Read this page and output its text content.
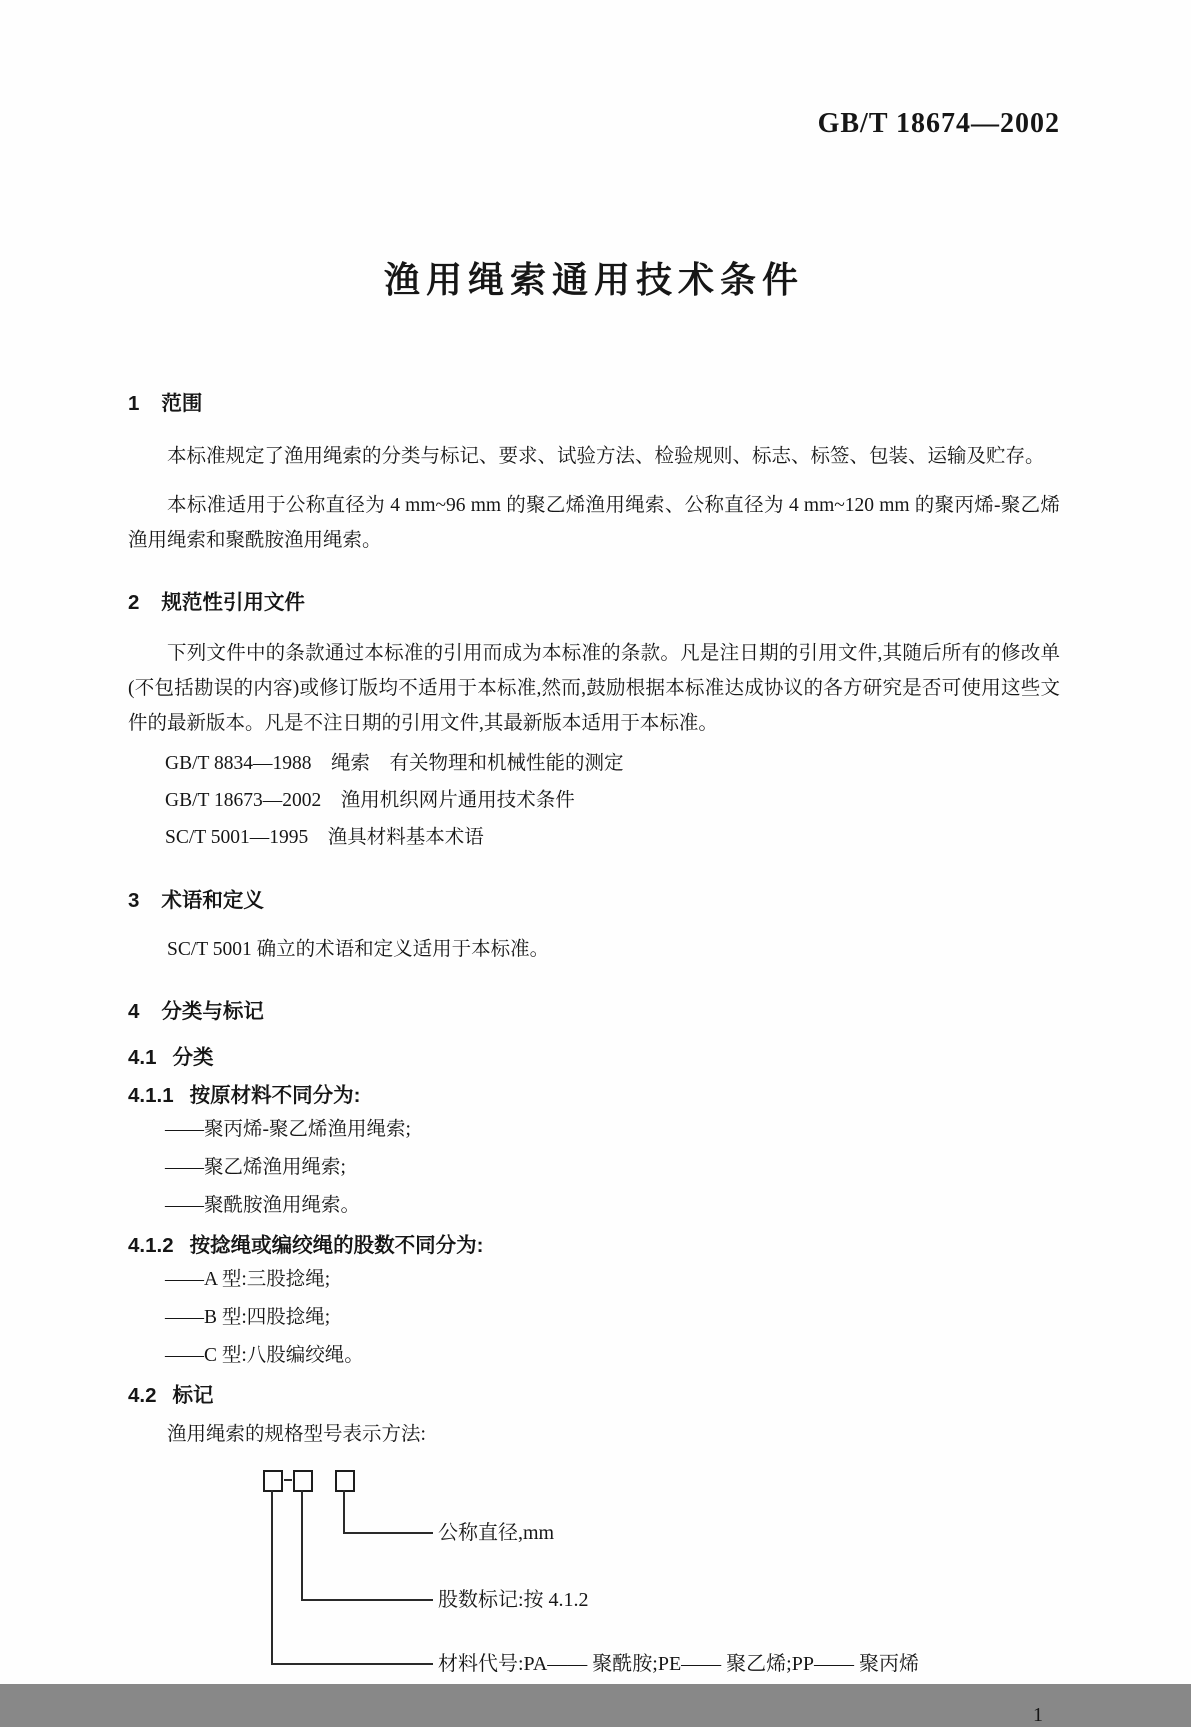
GB/T 18674—2002
渔用绳索通用技术条件
1 范围

本标准规定了渔用绳索的分类与标记、要求、试验方法、检验规则、标志、标签、包装、运输及贮存。

本标准适用于公称直径为 4 mm~96 mm 的聚乙烯渔用绳索、公称直径为 4 mm~120 mm 的聚丙烯-聚乙烯渔用绳索和聚酰胺渔用绳索。

2 规范性引用文件

下列文件中的条款通过本标准的引用而成为本标准的条款。凡是注日期的引用文件,其随后所有的修改单(不包括勘误的内容)或修订版均不适用于本标准,然而,鼓励根据本标准达成协议的各方研究是否可使用这些文件的最新版本。凡是不注日期的引用文件,其最新版本适用于本标准。

GB/T 8834—1988　绳索　有关物理和机械性能的测定
GB/T 18673—2002　渔用机织网片通用技术条件
SC/T 5001—1995　渔具材料基本术语
3 术语和定义

SC/T 5001 确立的术语和定义适用于本标准。

4 分类与标记
4.1 分类
4.1.1 按原材料不同分为:
——聚丙烯-聚乙烯渔用绳索;
——聚乙烯渔用绳索;
——聚酰胺渔用绳索。
4.1.2 按捻绳或编绞绳的股数不同分为:
——A 型:三股捻绳;
——B 型:四股捻绳;
——C 型:八股编绞绳。
4.2 标记

渔用绳索的规格型号表示方法:

公称直径,mm
股数标记:按 4.1.2
材料代号:PA—— 聚酰胺;PE—— 聚乙烯;PP—— 聚丙烯
1
